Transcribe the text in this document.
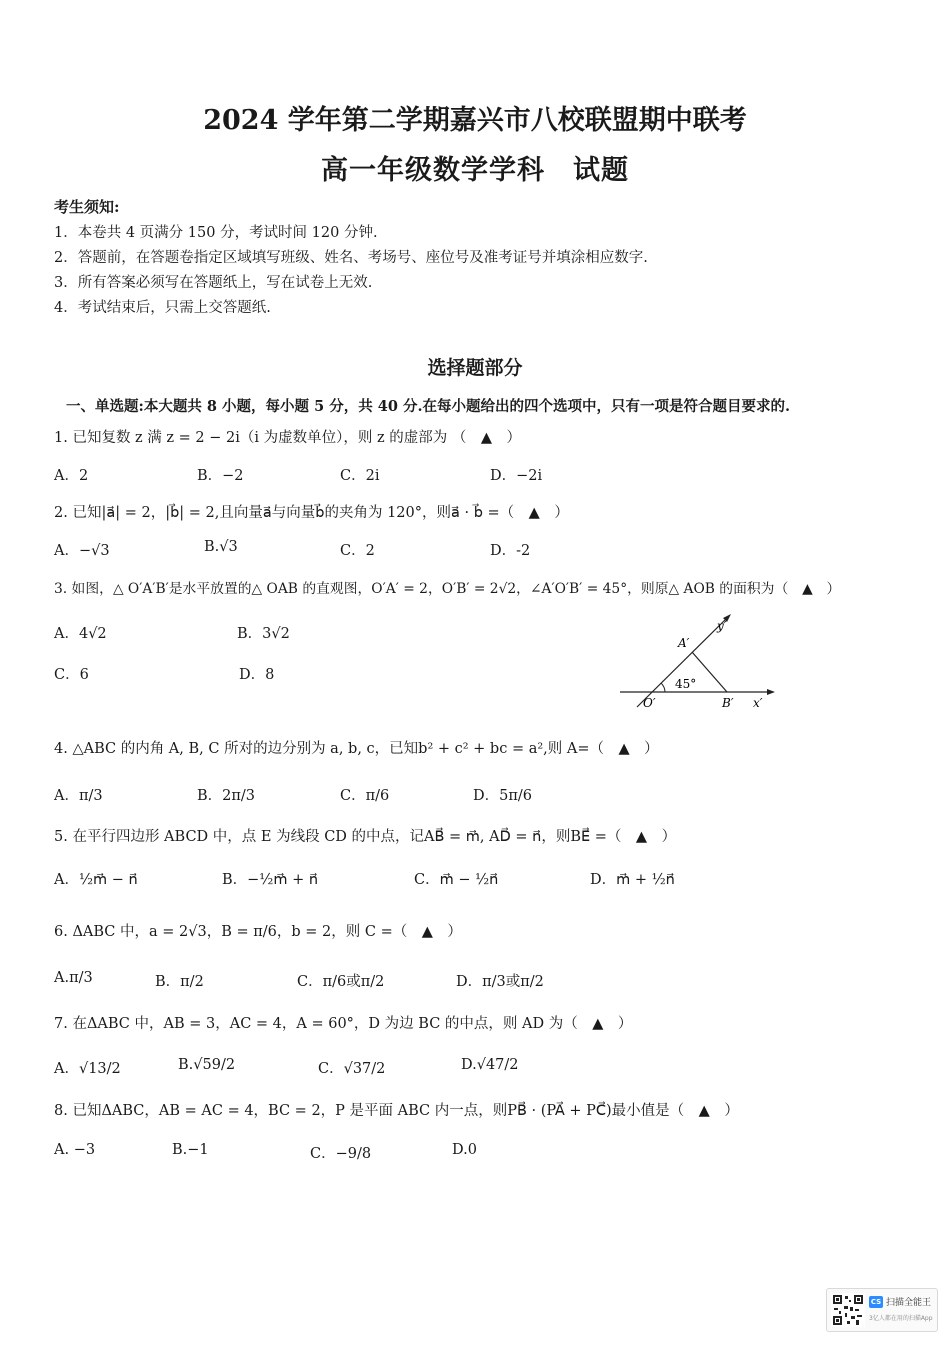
2024 学年第二学期嘉兴市八校联盟期中联考
高一年级数学学科　试题
考生须知:
1．本卷共 4 页满分 150 分，考试时间 120 分钟.
2．答题前，在答题卷指定区域填写班级、姓名、考场号、座位号及准考证号并填涂相应数字.
3．所有答案必须写在答题纸上，写在试卷上无效.
4．考试结束后，只需上交答题纸.
选择题部分
一、单选题:本大题共 8 小题，每小题 5 分，共 40 分.在每小题给出的四个选项中，只有一项是符合题目要求的.
1. 已知复数 z 满 z = 2 − 2i（i 为虚数单位），则 z 的虚部为 （　▲　）
A．2	B．−2	C．2i	D．−2i
2. 已知|a⃗| = 2，|b⃗| = 2,且向量a⃗与向量b⃗的夹角为 120°，则a⃗ · b⃗ =（　▲　）
A．−√3	B.√3	C．2	D．-2
3. 如图，△ O′A′B′是水平放置的△ OAB 的直观图，O′A′ = 2，O′B′ = 2√2，∠A′O′B′ = 45°，则原△ AOB 的面积为（　▲　）
A．4√2	B．3√2
C．6	D．8
45°
A′
O′	B′ x′
y′
4. △ABC 的内角 A, B, C 所对的边分别为 a, b, c，已知b² + c² + bc = a²,则 A=（　▲　）
A．π/3	B．2π/3	C．π/6	D．5π/6
5. 在平行四边形 ABCD 中，点 E 为线段 CD 的中点，记AB⃗ = m⃗, AD⃗ = n⃗，则BE⃗ =（　▲　）
A．½m⃗ − n⃗	B．−½m⃗ + n⃗	C．m⃗ − ½n⃗	D．m⃗ + ½n⃗
6. ΔABC 中，a = 2√3，B = π/6，b = 2，则 C =（　▲　）
A.π/3	B．π/2	C．π/6或π/2	D．π/3或π/2
7. 在ΔABC 中，AB = 3，AC = 4，A = 60°，D 为边 BC 的中点，则 AD 为（　▲　）
A．√13/2	B.√59/2	C．√37/2	D.√47/2
8. 已知ΔABC，AB = AC = 4，BC = 2，P 是平面 ABC 内一点，则PB⃗ · (PA⃗ + PC⃗)最小值是（　▲　）
A. −3	B.−1	C．−9/8	D.0
CS 扫描全能王
3亿人都在用的扫描App
